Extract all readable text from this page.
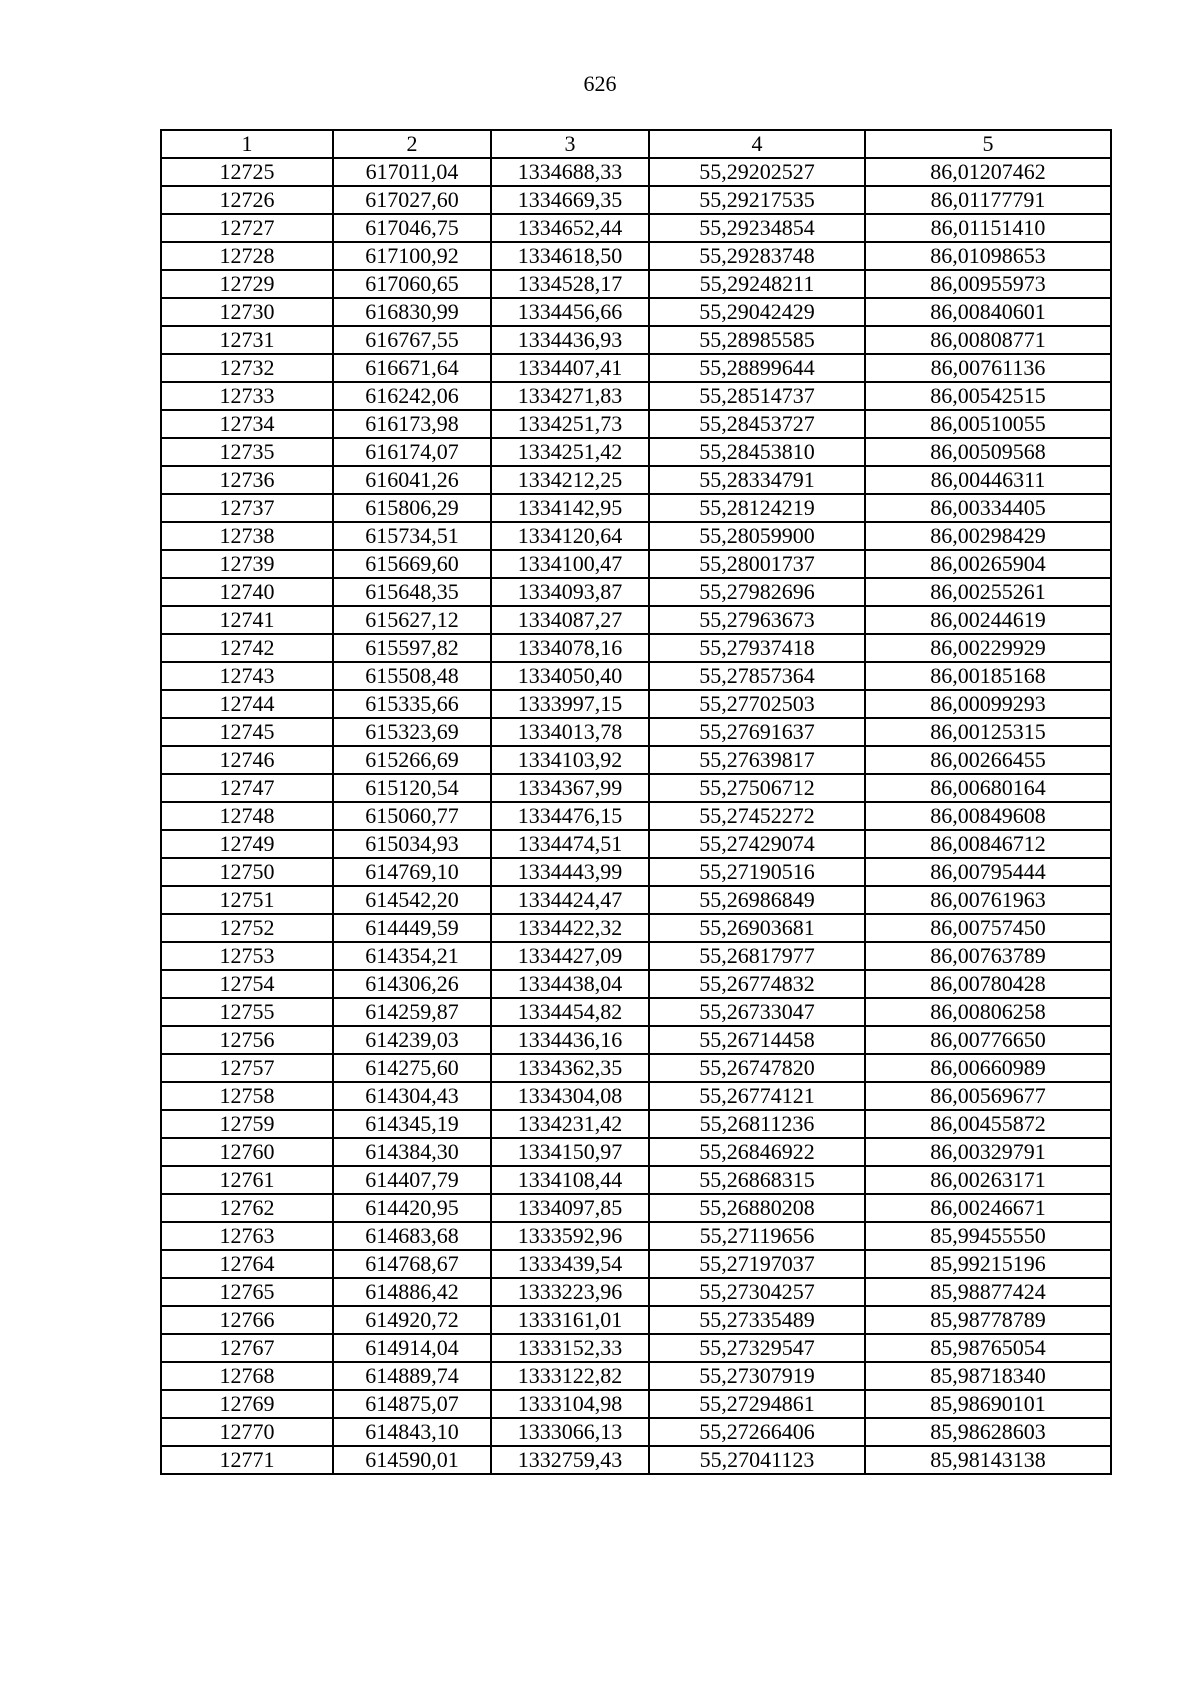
626
1	2	3	4	5
12725	617011,04	1334688,33	55,29202527	86,01207462
12726	617027,60	1334669,35	55,29217535	86,01177791
12727	617046,75	1334652,44	55,29234854	86,01151410
12728	617100,92	1334618,50	55,29283748	86,01098653
12729	617060,65	1334528,17	55,29248211	86,00955973
12730	616830,99	1334456,66	55,29042429	86,00840601
12731	616767,55	1334436,93	55,28985585	86,00808771
12732	616671,64	1334407,41	55,28899644	86,00761136
12733	616242,06	1334271,83	55,28514737	86,00542515
12734	616173,98	1334251,73	55,28453727	86,00510055
12735	616174,07	1334251,42	55,28453810	86,00509568
12736	616041,26	1334212,25	55,28334791	86,00446311
12737	615806,29	1334142,95	55,28124219	86,00334405
12738	615734,51	1334120,64	55,28059900	86,00298429
12739	615669,60	1334100,47	55,28001737	86,00265904
12740	615648,35	1334093,87	55,27982696	86,00255261
12741	615627,12	1334087,27	55,27963673	86,00244619
12742	615597,82	1334078,16	55,27937418	86,00229929
12743	615508,48	1334050,40	55,27857364	86,00185168
12744	615335,66	1333997,15	55,27702503	86,00099293
12745	615323,69	1334013,78	55,27691637	86,00125315
12746	615266,69	1334103,92	55,27639817	86,00266455
12747	615120,54	1334367,99	55,27506712	86,00680164
12748	615060,77	1334476,15	55,27452272	86,00849608
12749	615034,93	1334474,51	55,27429074	86,00846712
12750	614769,10	1334443,99	55,27190516	86,00795444
12751	614542,20	1334424,47	55,26986849	86,00761963
12752	614449,59	1334422,32	55,26903681	86,00757450
12753	614354,21	1334427,09	55,26817977	86,00763789
12754	614306,26	1334438,04	55,26774832	86,00780428
12755	614259,87	1334454,82	55,26733047	86,00806258
12756	614239,03	1334436,16	55,26714458	86,00776650
12757	614275,60	1334362,35	55,26747820	86,00660989
12758	614304,43	1334304,08	55,26774121	86,00569677
12759	614345,19	1334231,42	55,26811236	86,00455872
12760	614384,30	1334150,97	55,26846922	86,00329791
12761	614407,79	1334108,44	55,26868315	86,00263171
12762	614420,95	1334097,85	55,26880208	86,00246671
12763	614683,68	1333592,96	55,27119656	85,99455550
12764	614768,67	1333439,54	55,27197037	85,99215196
12765	614886,42	1333223,96	55,27304257	85,98877424
12766	614920,72	1333161,01	55,27335489	85,98778789
12767	614914,04	1333152,33	55,27329547	85,98765054
12768	614889,74	1333122,82	55,27307919	85,98718340
12769	614875,07	1333104,98	55,27294861	85,98690101
12770	614843,10	1333066,13	55,27266406	85,98628603
12771	614590,01	1332759,43	55,27041123	85,98143138
